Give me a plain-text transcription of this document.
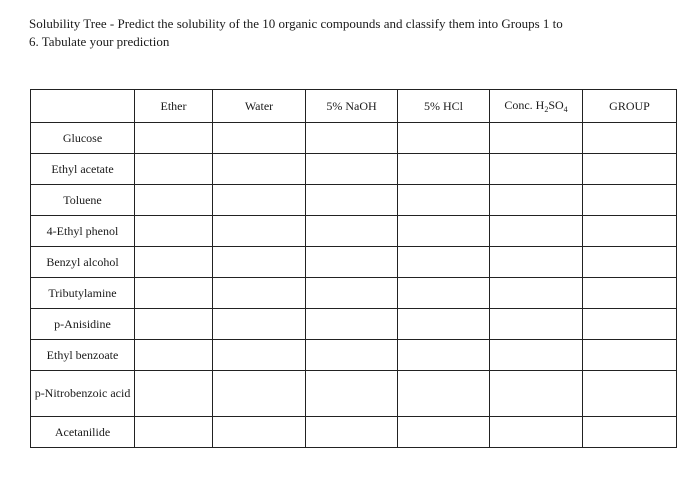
Solubility Tree - Predict the solubility of the 10 organic compounds and classify them into Groups 1 to
6. Tabulate your prediction
	Ether	Water	5% NaOH	5% HCl	Conc. $H_2SO_4$	GROUP
Glucose						
Ethyl acetate						
Toluene						
4-Ethyl phenol						
Benzyl alcohol						
Tributylamine						
p-Anisidine						
Ethyl benzoate						
p-Nitrobenzoic acid						
Acetanilide						
